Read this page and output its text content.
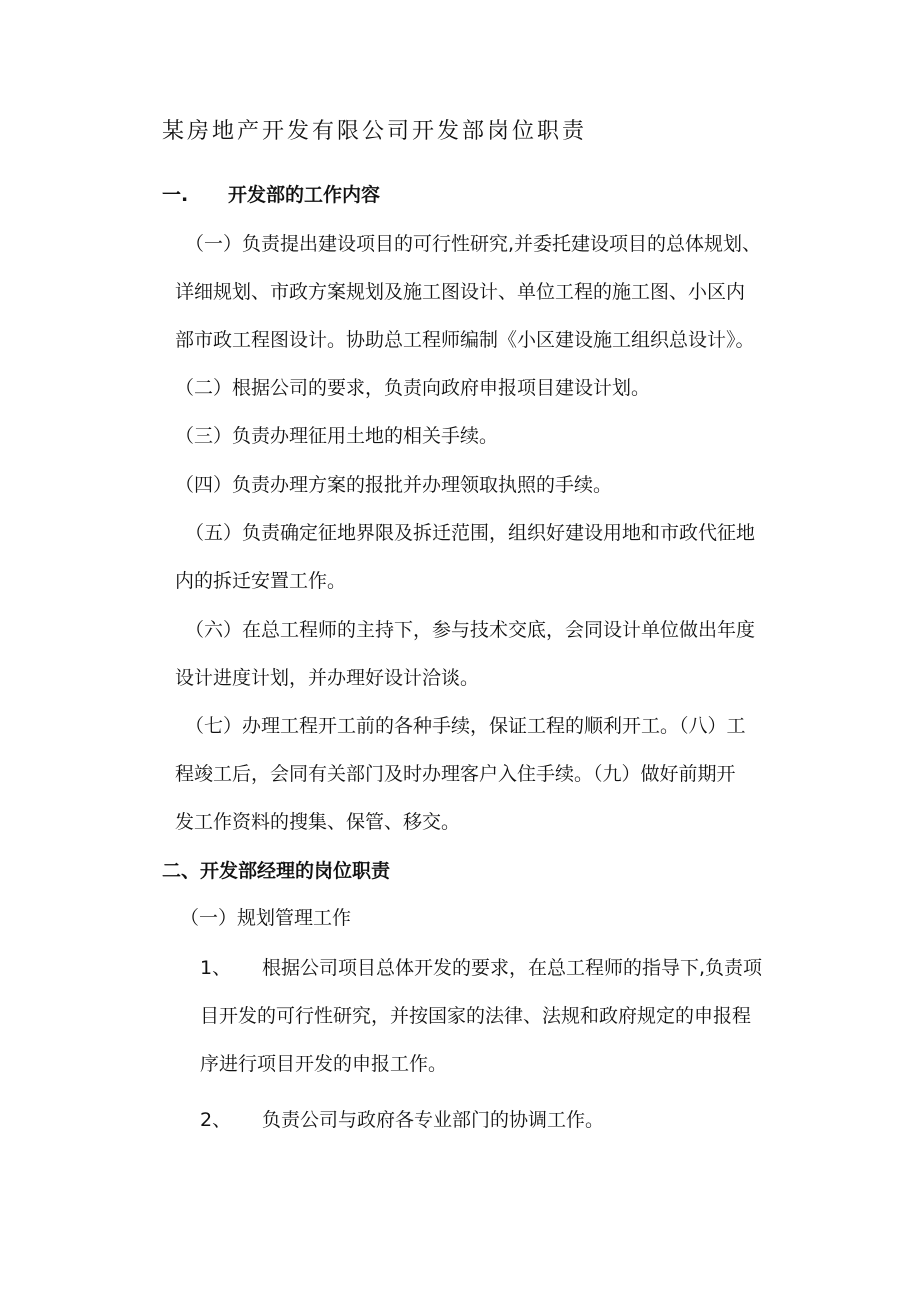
某房地产开发有限公司开发部岗位职责
一. 开发部的工作内容
（一）负责提出建设项目的可行性研究,并委托建设项目的总体规划、
详细规划、市政方案规划及施工图设计、单位工程的施工图、小区内
部市政工程图设计。协助总工程师编制《小区建设施工组织总设计》。
（二）根据公司的要求，负责向政府申报项目建设计划。
（三）负责办理征用土地的相关手续。
（四）负责办理方案的报批并办理领取执照的手续。
（五）负责确定征地界限及拆迁范围，组织好建设用地和市政代征地
内的拆迁安置工作。
（六）在总工程师的主持下，参与技术交底，会同设计单位做出年度
设计进度计划，并办理好设计洽谈。
（七）办理工程开工前的各种手续，保证工程的顺利开工。（八）工
程竣工后，会同有关部门及时办理客户入住手续。（九）做好前期开
发工作资料的搜集、保管、移交。
二、开发部经理的岗位职责
（一）规划管理工作
1、 根据公司项目总体开发的要求，在总工程师的指导下,负责项
目开发的可行性研究，并按国家的法律、法规和政府规定的申报程
序进行项目开发的申报工作。
2、 负责公司与政府各专业部门的协调工作。
